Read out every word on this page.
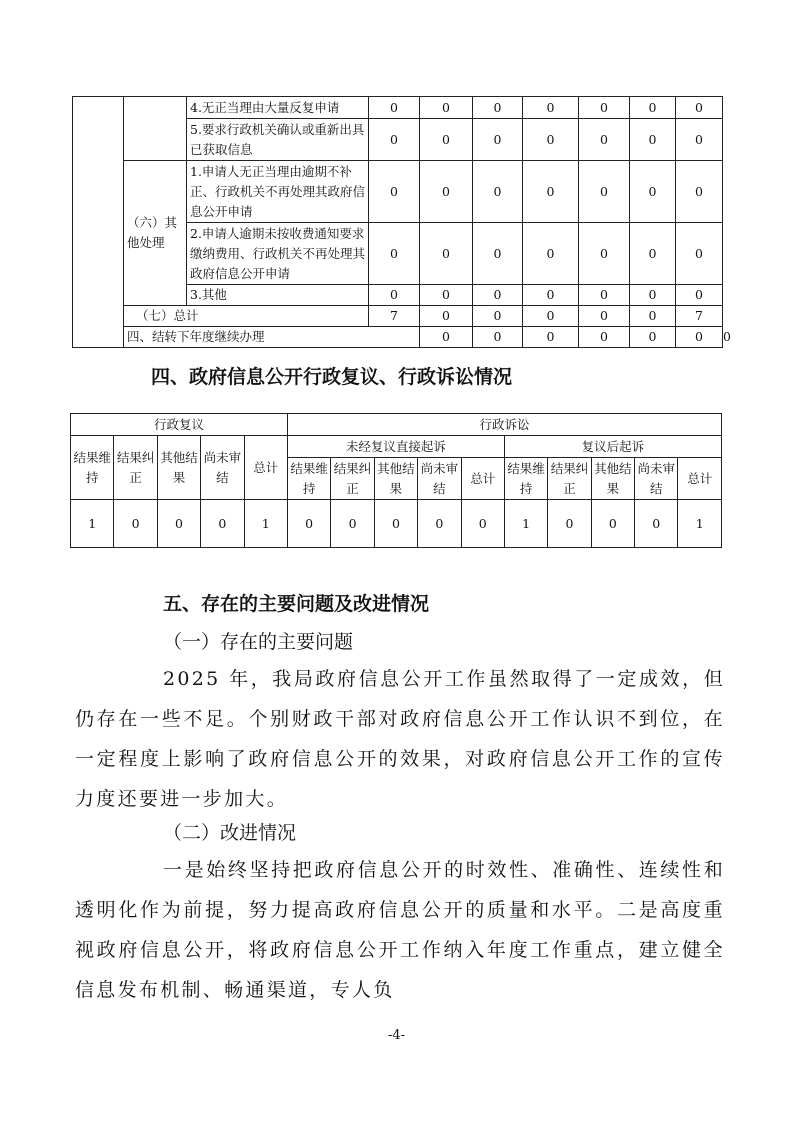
		4.无正当理由大量反复申请	0	0	0	0	0	0	0	
		5.要求行政机关确认或重新出具已获取信息	0	0	0	0	0	0	0	
	（六）其他处理	1.申请人无正当理由逾期不补正、行政机关不再处理其政府信息公开申请	0	0	0	0	0	0	0	
		2.申请人逾期未按收费通知要求缴纳费用、行政机关不再处理其政府信息公开申请	0	0	0	0	0	0	0	
		3.其他	0	0	0	0	0	0	0	
	（七）总计		7	0	0	0	0	0	7	
	四、结转下年度继续办理			0	0	0	0	0	0	0
四、政府信息公开行政复议、行政诉讼情况
行政复议					行政诉讼									
结果维持	结果纠正	其他结果	尚未审结	总计	未经复议直接起诉					复议后起诉				
					结果维持	结果纠正	其他结果	尚未审结	总计	结果维持	结果纠正	其他结果	尚未审结	总计
1	0	0	0	1	0	0	0	0	0	1	0	0	0	1
五、存在的主要问题及改进情况
（一）存在的主要问题
2025 年，我局政府信息公开工作虽然取得了一定成效，但仍存在一些不足。个别财政干部对政府信息公开工作认识不到位，在一定程度上影响了政府信息公开的效果，对政府信息公开工作的宣传力度还要进一步加大。
（二）改进情况
一是始终坚持把政府信息公开的时效性、准确性、连续性和 透明化作为前提，努力提高政府信息公开的质量和水平。二是高度重视政府信息公开，将政府信息公开工作纳入年度工作重点，建立健全信息发布机制、畅通渠道，专人负
-4-
